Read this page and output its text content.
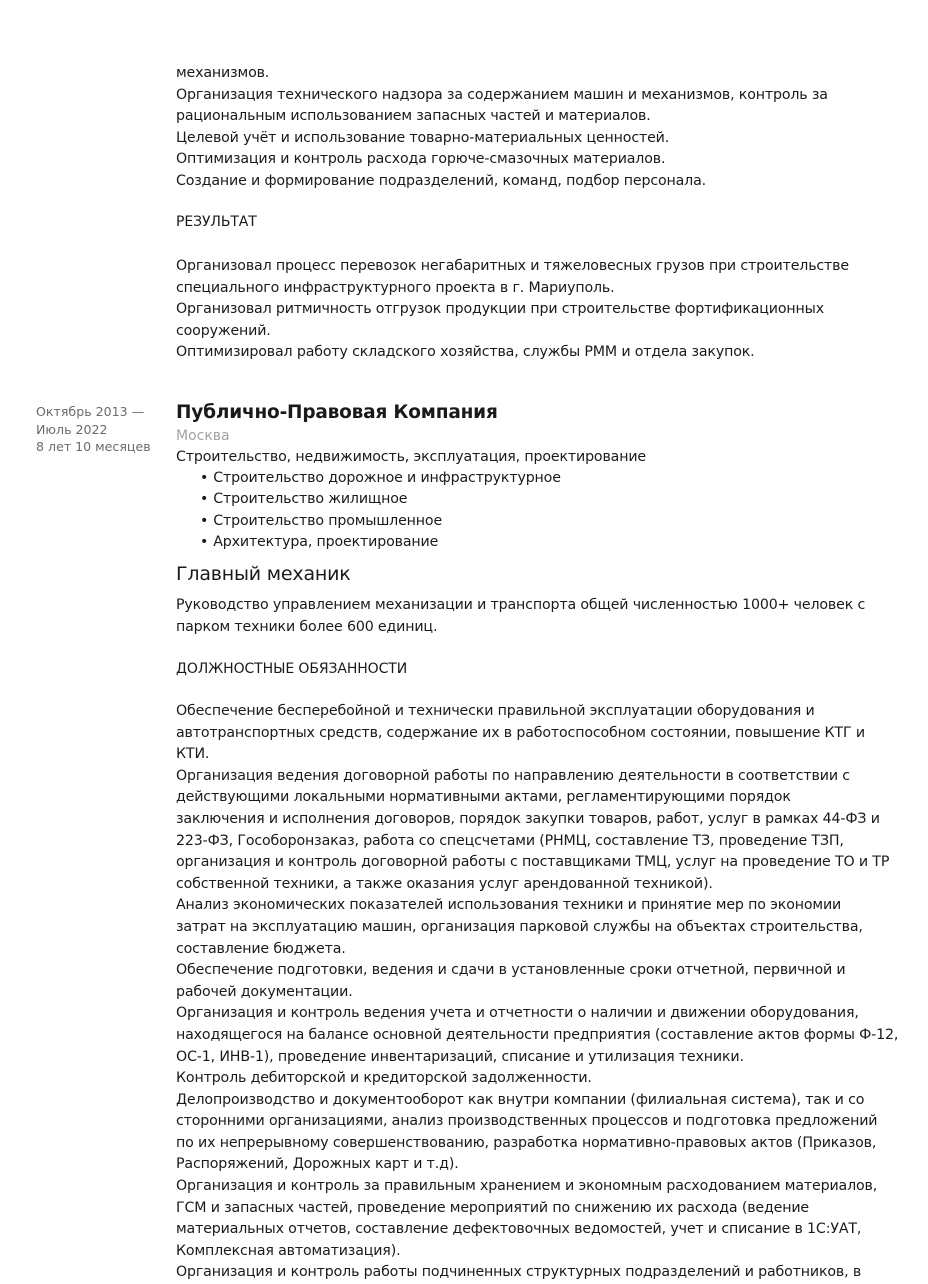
Октябрь 2013 —
Июль 2022
8 лет 10 месяцев

механизмов.

Организация технического надзора за содержанием машин и механизмов, контроль за

рациональным использованием запасных частей и материалов.

Целевой учёт и использование товарно-материальных ценностей.

Оптимизация и контроль расхода горюче-смазочных материалов.

Создание и формирование подразделений, команд, подбор персонала.

РЕЗУЛЬТАТ

Организовал процесс перевозок негабаритных и тяжеловесных грузов при строительстве

специального инфраструктурного проекта в г. Мариуполь.

Организовал ритмичность отгрузок продукции при строительстве фортификационных

сооружений.

Оптимизировал работу складского хозяйства, службы РММ и отдела закупок.

Публично-Правовая Компания

Москва

Строительство, недвижимость, эксплуатация, проектирование

• Строительство дорожное и инфраструктурное
• Строительство жилищное
• Строительство промышленное
• Архитектура, проектирование

Главный механик

Руководство управлением механизации и транспорта общей численностью 1000+ человек с

парком техники более 600 единиц.

ДОЛЖНОСТНЫЕ ОБЯЗАННОСТИ

Обеспечение бесперебойной и технически правильной эксплуатации оборудования и

автотранспортных средств, содержание их в работоспособном состоянии, повышение КТГ и

КТИ.

Организация ведения договорной работы по направлению деятельности в соответствии с

действующими локальными нормативными актами, регламентирующими порядок

заключения и исполнения договоров, порядок закупки товаров, работ, услуг в рамках 44-ФЗ и

223-ФЗ, Гособоронзаказ, работа со спецсчетами (РНМЦ, составление ТЗ, проведение ТЗП,

организация и контроль договорной работы с поставщиками ТМЦ, услуг на проведение ТО и ТР

собственной техники, а также оказания услуг арендованной техникой).

Анализ экономических показателей использования техники и принятие мер по экономии

затрат на эксплуатацию машин, организация парковой службы на объектах строительства,

составление бюджета.

Обеспечение подготовки, ведения и сдачи в установленные сроки отчетной, первичной и

рабочей документации.

Организация и контроль ведения учета и отчетности о наличии и движении оборудования,

находящегося на балансе основной деятельности предприятия (составление актов формы Ф-12,

ОС-1, ИНВ-1), проведение инвентаризаций, списание и утилизация техники.

Контроль дебиторской и кредиторской задолженности.

Делопроизводство и документооборот как внутри компании (филиальная система), так и со

сторонними организациями, анализ производственных процессов и подготовка предложений

по их непрерывному совершенствованию, разработка нормативно-правовых актов (Приказов,

Распоряжений, Дорожных карт и т.д).

Организация и контроль за правильным хранением и экономным расходованием материалов,

ГСМ и запасных частей, проведение мероприятий по снижению их расхода (ведение

материальных отчетов, составление дефектовочных ведомостей, учет и списание в 1С:УАТ,

Комплексная автоматизация).

Организация и контроль работы подчиненных структурных подразделений и работников, в
